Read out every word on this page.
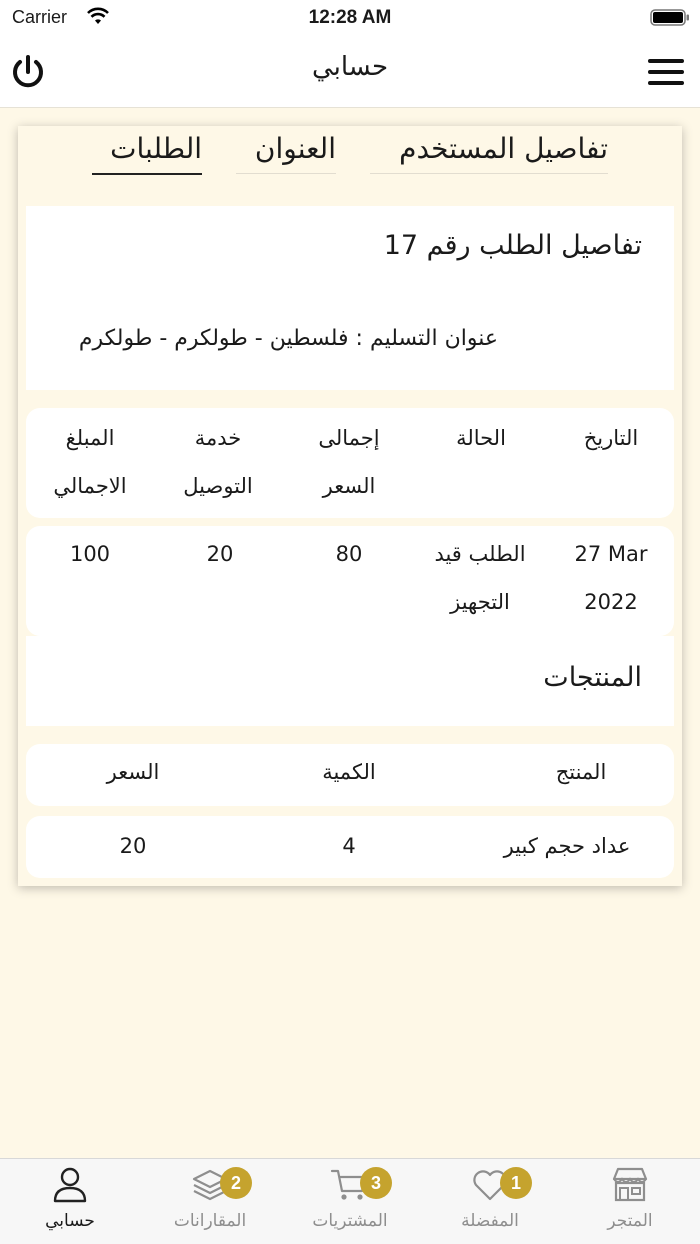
Carrier	12:28 AM
حسابي
تفاصيل المستخدم
العنوان
الطلبات
تفاصيل الطلب رقم 17
عنوان التسليم : فلسطين - طولكرم - طولكرم
التاريخ
الحالة
إجمالى
السعر
خدمة
التوصيل
المبلغ
الاجمالي
27 Mar
2022
الطلب قيد
التجهيز
80
20
100
المنتجات
المنتج
الكمية
السعر
عداد حجم كبير
4
20
حسابي
2
المقارانات
3
المشتريات
1
المفضلة	المتجر
